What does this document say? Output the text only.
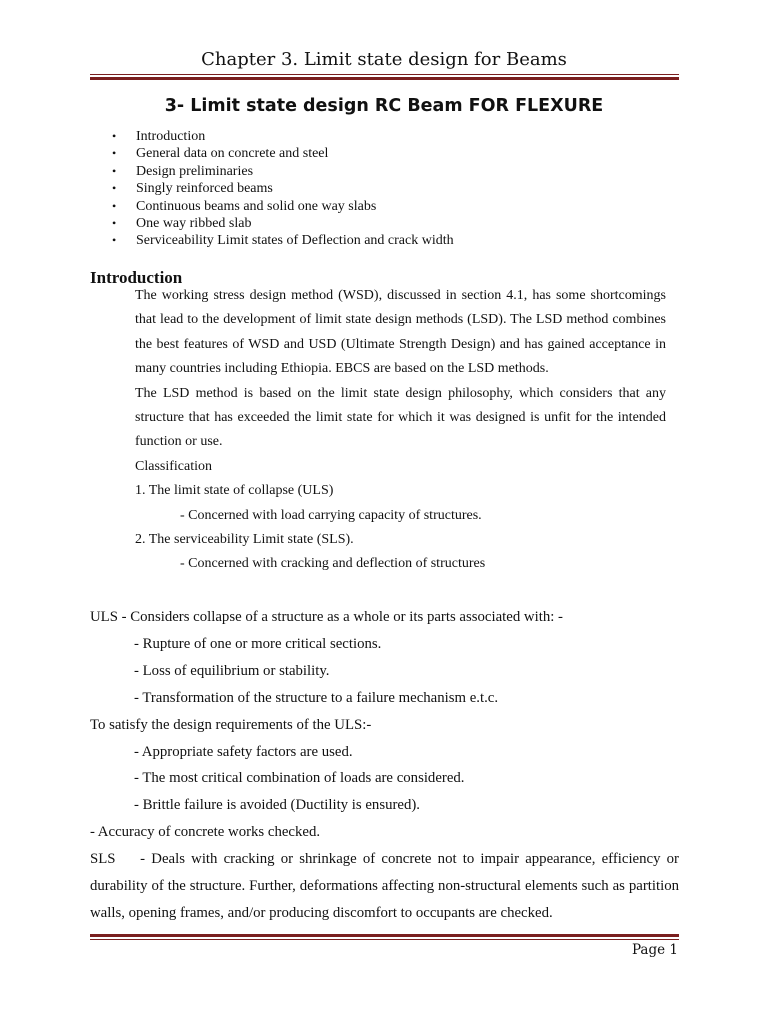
Chapter 3. Limit state design for Beams
3- Limit state design RC Beam FOR FLEXURE
• Introduction
• General data on concrete and steel
• Design preliminaries
• Singly reinforced beams
• Continuous beams and solid one way slabs
• One way ribbed slab
• Serviceability Limit states of Deflection and crack width
Introduction

The working stress design method (WSD), discussed in section 4.1, has some shortcomings that lead to the development of limit state design methods (LSD). The LSD method combines the best features of WSD and USD (Ultimate Strength Design) and has gained acceptance in many countries including Ethiopia. EBCS are based on the LSD methods.

The LSD method is based on the limit state design philosophy, which considers that any structure that has exceeded the limit state for which it was designed is unfit for the intended function or use.

Classification

1. The limit state of collapse (ULS)

- Concerned with load carrying capacity of structures.

2. The serviceability Limit state (SLS).

- Concerned with cracking and deflection of structures

ULS - Considers collapse of a structure as a whole or its parts associated with: -

- Rupture of one or more critical sections.

- Loss of equilibrium or stability.

- Transformation of the structure to a failure mechanism e.t.c.

To satisfy the design requirements of the ULS:-

- Appropriate safety factors are used.

- The most critical combination of loads are considered.

- Brittle failure is avoided (Ductility is ensured).

- Accuracy of concrete works checked.

SLS    - Deals with cracking or shrinkage of concrete not to impair appearance, efficiency or durability of the structure. Further, deformations affecting non-structural elements such as partition walls, opening frames, and/or producing discomfort to occupants are checked.

Page 1
